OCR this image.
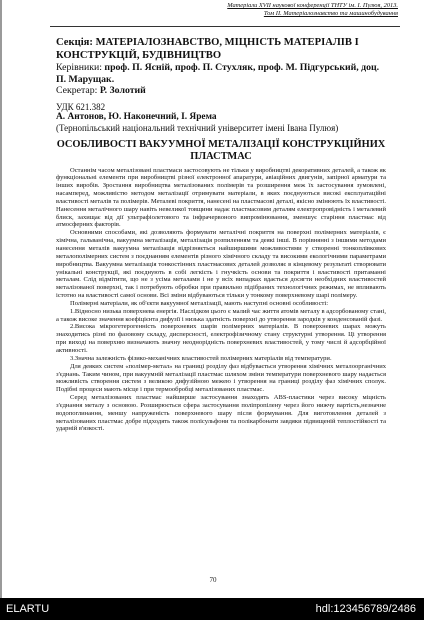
Матеріали XVII наукової конференції ТНТУ ім. І. Пулюя, 2013.
Том II. Матеріалознавство та машинобудування

Секція: МАТЕРІАЛОЗНАВСТВО, МІЦНІСТЬ МАТЕРІАЛІВ І КОНСТРУКЦІЙ, БУДІВНИЦТВО

Керівники: проф. П. Ясній, проф. П. Стухляк, проф. М. Підгурський, доц. П. Марущак.

Секретар: Р. Золотий

УДК 621.382

А. Антонов, Ю. Наконечний, І. Ярема

(Тернопільський національний технічний університет імені Івана Пулюя)

ОСОБЛИВОСТІ ВАКУУМНОЇ МЕТАЛІЗАЦІЇ КОНСТРУКЦІЙНИХ ПЛАСТМАС

Останнім часом металізовані пластмаси застосовують не тільки у виробництві декоративних деталей, а також як функціональні елементи при виробництві різної електронної апаратури, авіаційних двигунів, запірної арматури та інших виробів. Зростання виробництва металізованих полімерів та розширення меж їх застосування зумовлені, насамперед, можливістю методом металізації отримувати матеріали, в яких поєднуються високі експлуатаційні властивості металів та полімерів. Металеві покриття, нанесені на пластмасові деталі, якісно змінюють їх властивості. Нанесення металічного шару навіть невеликої товщини надає пластмасовим деталям електропровідність і металевий блиск, захищає від дії ультрафіолетового та інфрачервоного випромінювання, зменшує старіння пластмас від атмосферних факторів.

Основними способами, які дозволяють формувати металічні покриття на поверхні полімерних матеріалів, є хімічна, гальванічна, вакуумна металізація, металізація розпиленням та деякі інші. В порівнянні з іншими методами нанесення металів вакуумна металізація відрізняється найширшими можливостями у створенні тонкоплівкових металополімерних систем з поєднанням елементів різного хімічного складу та високими екологічними параметрами виробництва. Вакуумна металізація тонкостінних пластмасових деталей дозволяє в кінцевому результаті створювати унікальні конструкції, які поєднують в собі легкість і гнучкість основи та покриття і властивості притаманні металам. Слід відмітити, що не з усіма металами і не у всіх випадках вдається досягти необхідних властивостей металізованої поверхні, так і потребують обробки при правильно підібраних технологічних режимах, не впливають істотно на властивості самої основи. Всі зміни відбуваються тільки у тонкому поверхневому шарі полімеру.

Полімерні матеріали, як об'єкти вакуумної металізації, мають наступні основні особливості:

1.Відносно низька поверхнева енергія. Наслідком цього є малий час життя атомів металу в адсорбованому стані, а також високе значення коефіцієнта дифузії і низька здатність поверхні до утворення зародків у конденсованій фазі.

2.Висока мікрогетерогенність поверхневих шарів полімерних матеріалів. В поверхневих шарах можуть знаходитись різні по фазовому складу, дисперсності, електрофізичному стану структурні утворення. Ці утворення при виході на поверхню визначають значну неоднорідність поверхневих властивостей, у тому числі й адсорбційної активності.

3.Значна залежність фізико-механічних властивостей полімерних матеріалів від температури.

Для деяких систем «полімер-метал» на границі розділу фаз відбувається утворення хімічних металоорганічних з'єднань. Таким чином, при вакуумній металізації пластмас шляхом зміни температури поверхневого шару надається можливість створення систем з великою дифузійною межею і утворення на границі розділу фаз хімічних сполук. Подібні процеси мають місце і при термообробці металізованих пластмас.

Серед металізованих пластмас найширше застосування знаходять АВS-пластики через високу міцність з'єднання металу з основою. Розширюється сфера застосування поліпропілену через його нижчу вартість,незначне водопоглинання, меншу напруженість поверхневого шару після формування. Для виготовлення деталей з металізованих пластмас добре підходять також полісульфони та полікарбонати завдяки підвищеній теплостійкості та ударній в'язкості.

70
ELARTU	hdl:123456789/2486
